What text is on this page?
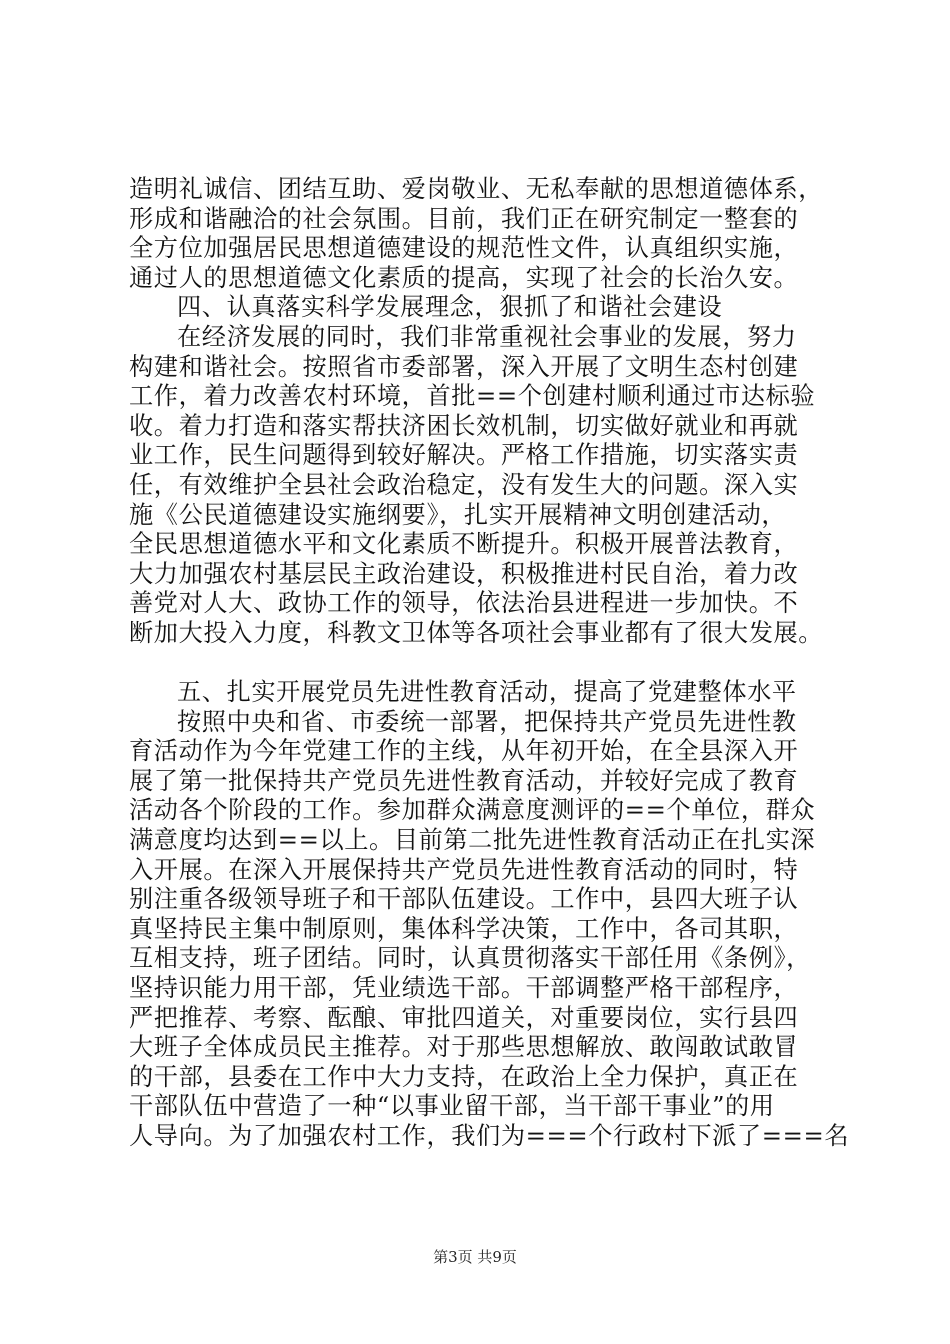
造明礼诚信、团结互助、爱岗敬业、无私奉献的思想道德体系，
形成和谐融洽的社会氛围。目前，我们正在研究制定一整套的
全方位加强居民思想道德建设的规范性文件，认真组织实施，
通过人的思想道德文化素质的提高，实现了社会的长治久安。
四、认真落实科学发展理念，狠抓了和谐社会建设
在经济发展的同时，我们非常重视社会事业的发展，努力
构建和谐社会。按照省市委部署，深入开展了文明生态村创建
工作，着力改善农村环境，首批==个创建村顺利通过市达标验
收。着力打造和落实帮扶济困长效机制，切实做好就业和再就
业工作，民生问题得到较好解决。严格工作措施，切实落实责
任，有效维护全县社会政治稳定，没有发生大的问题。深入实
施《公民道德建设实施纲要》，扎实开展精神文明创建活动，
全民思想道德水平和文化素质不断提升。积极开展普法教育，
大力加强农村基层民主政治建设，积极推进村民自治，着力改
善党对人大、政协工作的领导，依法治县进程进一步加快。不
断加大投入力度，科教文卫体等各项社会事业都有了很大发展。
五、扎实开展党员先进性教育活动，提高了党建整体水平
按照中央和省、市委统一部署，把保持共产党员先进性教
育活动作为今年党建工作的主线，从年初开始，在全县深入开
展了第一批保持共产党员先进性教育活动，并较好完成了教育
活动各个阶段的工作。参加群众满意度测评的==个单位，群众
满意度均达到==以上。目前第二批先进性教育活动正在扎实深
入开展。在深入开展保持共产党员先进性教育活动的同时，特
别注重各级领导班子和干部队伍建设。工作中，县四大班子认
真坚持民主集中制原则，集体科学决策，工作中，各司其职，
互相支持，班子团结。同时，认真贯彻落实干部任用《条例》，
坚持识能力用干部，凭业绩选干部。干部调整严格干部程序，
严把推荐、考察、酝酿、审批四道关，对重要岗位，实行县四
大班子全体成员民主推荐。对于那些思想解放、敢闯敢试敢冒
的干部，县委在工作中大力支持，在政治上全力保护，真正在
干部队伍中营造了一种“以事业留干部，当干部干事业”的用
人导向。为了加强农村工作，我们为===个行政村下派了===名
第3页 共9页
